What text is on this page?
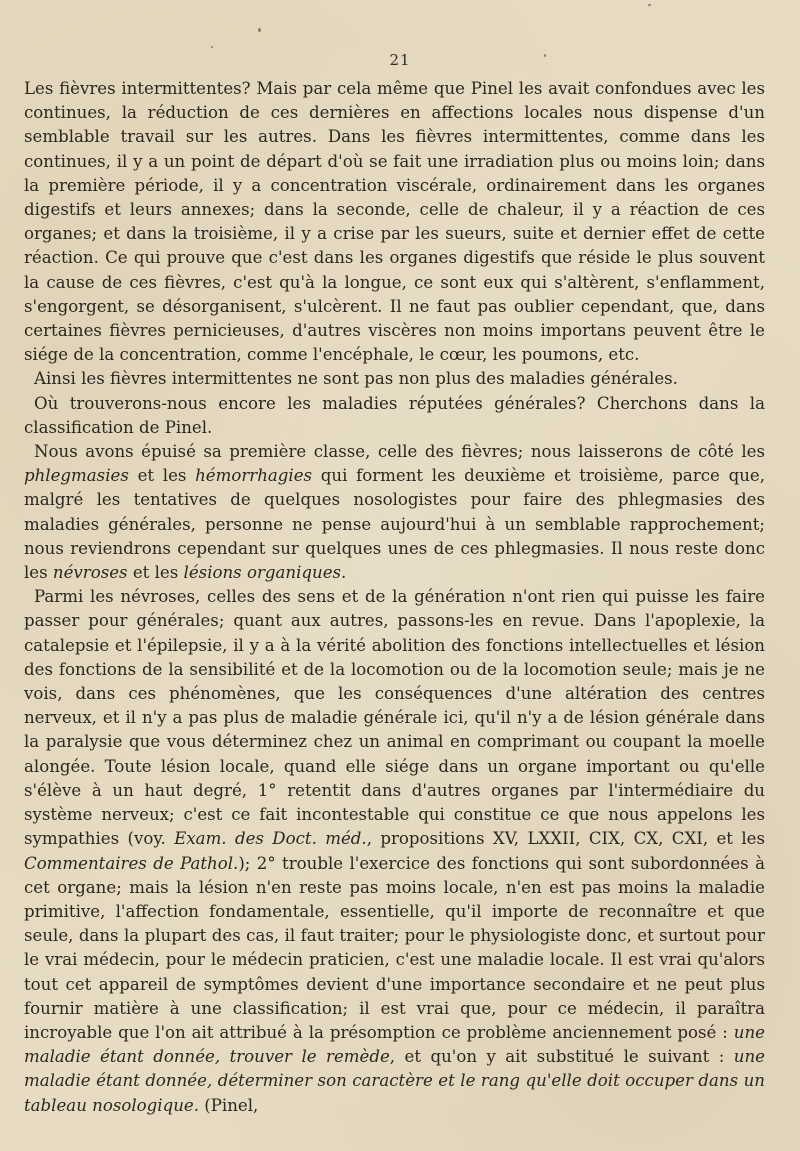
21

Les fièvres intermittentes? Mais par cela même que Pinel les avait confondues avec les continues, la réduction de ces dernières en affections locales nous dispense d'un semblable travail sur les autres. Dans les fièvres intermittentes, comme dans les continues, il y a un point de départ d'où se fait une irradiation plus ou moins loin; dans la première période, il y a concentration viscérale, ordinairement dans les organes digestifs et leurs annexes; dans la seconde, celle de chaleur, il y a réaction de ces organes; et dans la troisième, il y a crise par les sueurs, suite et dernier effet de cette réaction. Ce qui prouve que c'est dans les organes digestifs que réside le plus souvent la cause de ces fièvres, c'est qu'à la longue, ce sont eux qui s'altèrent, s'enflamment, s'engorgent, se désorganisent, s'ulcèrent. Il ne faut pas oublier cependant, que, dans certaines fièvres pernicieuses, d'autres viscères non moins importans peuvent être le siége de la concentration, comme l'encéphale, le cœur, les poumons, etc.

Ainsi les fièvres intermittentes ne sont pas non plus des maladies générales.

Où trouverons-nous encore les maladies réputées générales? Cherchons dans la classification de Pinel.

Nous avons épuisé sa première classe, celle des fièvres; nous laisserons de côté les phlegmasies et les hémorrhagies qui forment les deuxième et troisième, parce que, malgré les tentatives de quelques nosologistes pour faire des phlegmasies des maladies générales, personne ne pense aujourd'hui à un semblable rapprochement; nous reviendrons cependant sur quelques unes de ces phlegmasies. Il nous reste donc les névroses et les lésions organiques.

Parmi les névroses, celles des sens et de la génération n'ont rien qui puisse les faire passer pour générales; quant aux autres, passons-les en revue. Dans l'apoplexie, la catalepsie et l'épilepsie, il y a à la vérité abolition des fonctions intellectuelles et lésion des fonctions de la sensibilité et de la locomotion ou de la locomotion seule; mais je ne vois, dans ces phénomènes, que les conséquences d'une altération des centres nerveux, et il n'y a pas plus de maladie générale ici, qu'il n'y a de lésion générale dans la paralysie que vous déterminez chez un animal en comprimant ou coupant la moelle alongée. Toute lésion locale, quand elle siége dans un organe important ou qu'elle s'élève à un haut degré, 1° retentit dans d'autres organes par l'intermédiaire du système nerveux; c'est ce fait incontestable qui constitue ce que nous appelons les sympathies (voy. Exam. des Doct. méd., propositions XV, LXXII, CIX, CX, CXI, et les Commentaires de Pathol.); 2° trouble l'exercice des fonctions qui sont subordonnées à cet organe; mais la lésion n'en reste pas moins locale, n'en est pas moins la maladie primitive, l'affection fondamentale, essentielle, qu'il importe de reconnaître et que seule, dans la plupart des cas, il faut traiter; pour le physiologiste donc, et surtout pour le vrai médecin, pour le médecin praticien, c'est une maladie locale. Il est vrai qu'alors tout cet appareil de symptômes devient d'une importance secondaire et ne peut plus fournir matière à une classification; il est vrai que, pour ce médecin, il paraîtra incroyable que l'on ait attribué à la présomption ce problème anciennement posé : une maladie étant donnée, trouver le remède, et qu'on y ait substitué le suivant : une maladie étant donnée, déterminer son caractère et le rang qu'elle doit occuper dans un tableau nosologique. (Pinel,
